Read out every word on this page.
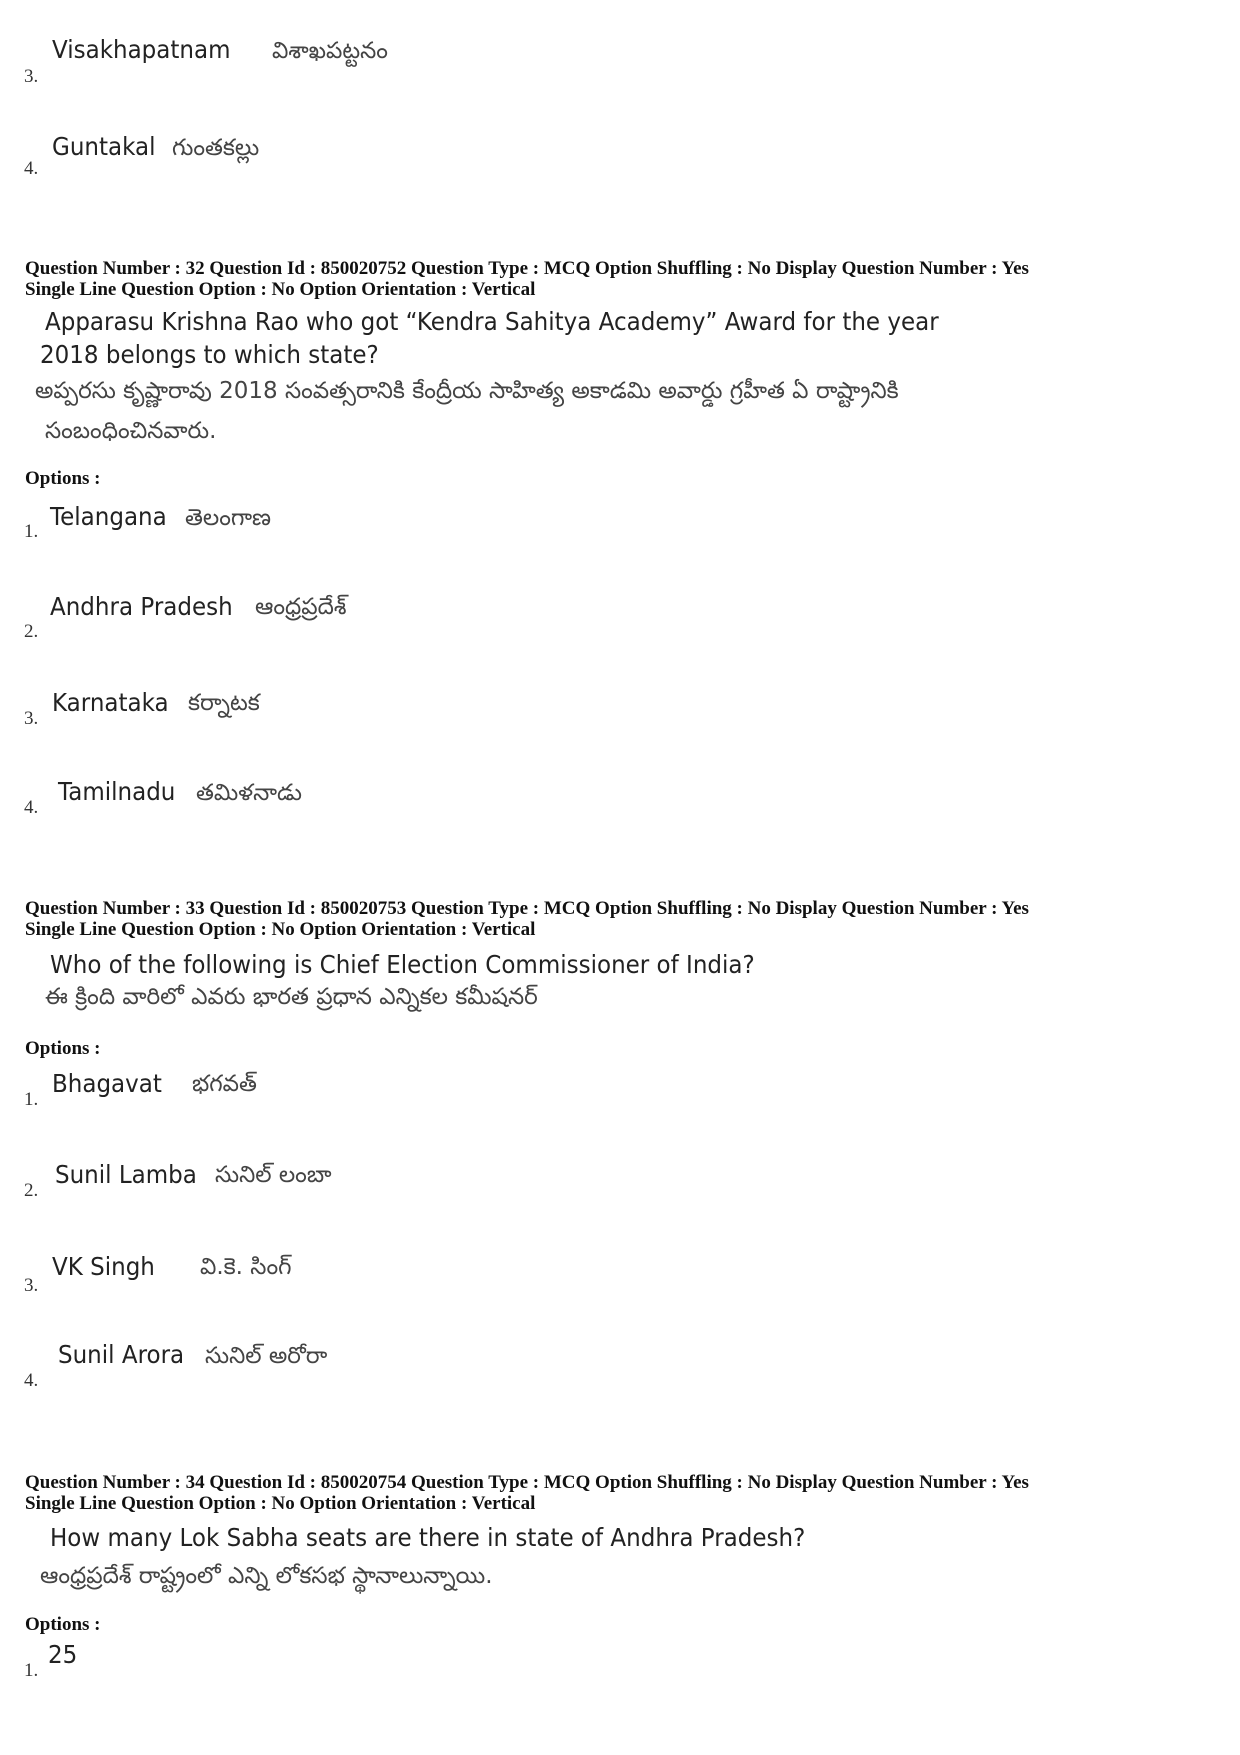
Visakhapatnam విశాఖపట్టనం
3.
Guntakal గుంతకల్లు
4.
Question Number : 32 Question Id : 850020752 Question Type : MCQ Option Shuffling : No Display Question Number : Yes
Single Line Question Option : No Option Orientation : Vertical
Apparasu Krishna Rao who got “Kendra Sahitya Academy” Award for the year
2018 belongs to which state?
అప్పరసు కృష్ణారావు 2018 సంవత్సరానికి కేంద్రీయ సాహిత్య అకాడమి అవార్డు గ్రహీత ఏ రాష్ట్రానికి
సంబంధించినవారు.
Options :
Telangana తెలంగాణ
1.
Andhra Pradesh ఆంధ్రప్రదేశ్
2.
Karnataka కర్నాటక
3.
Tamilnadu తమిళనాడు
4.
Question Number : 33 Question Id : 850020753 Question Type : MCQ Option Shuffling : No Display Question Number : Yes
Single Line Question Option : No Option Orientation : Vertical
Who of the following is Chief Election Commissioner of India?
ఈ క్రింది వారిలో ఎవరు భారత ప్రధాన ఎన్నికల కమీషనర్
Options :
Bhagavat భగవత్
1.
Sunil Lamba సునిల్ లంబా
2.
VK Singh వి.కె. సింగ్
3.
Sunil Arora సునిల్ అరోరా
4.
Question Number : 34 Question Id : 850020754 Question Type : MCQ Option Shuffling : No Display Question Number : Yes
Single Line Question Option : No Option Orientation : Vertical
How many Lok Sabha seats are there in state of Andhra Pradesh?
ఆంధ్రప్రదేశ్ రాష్ట్రంలో ఎన్ని లోకసభ స్థానాలున్నాయి.
Options :
25
1.
